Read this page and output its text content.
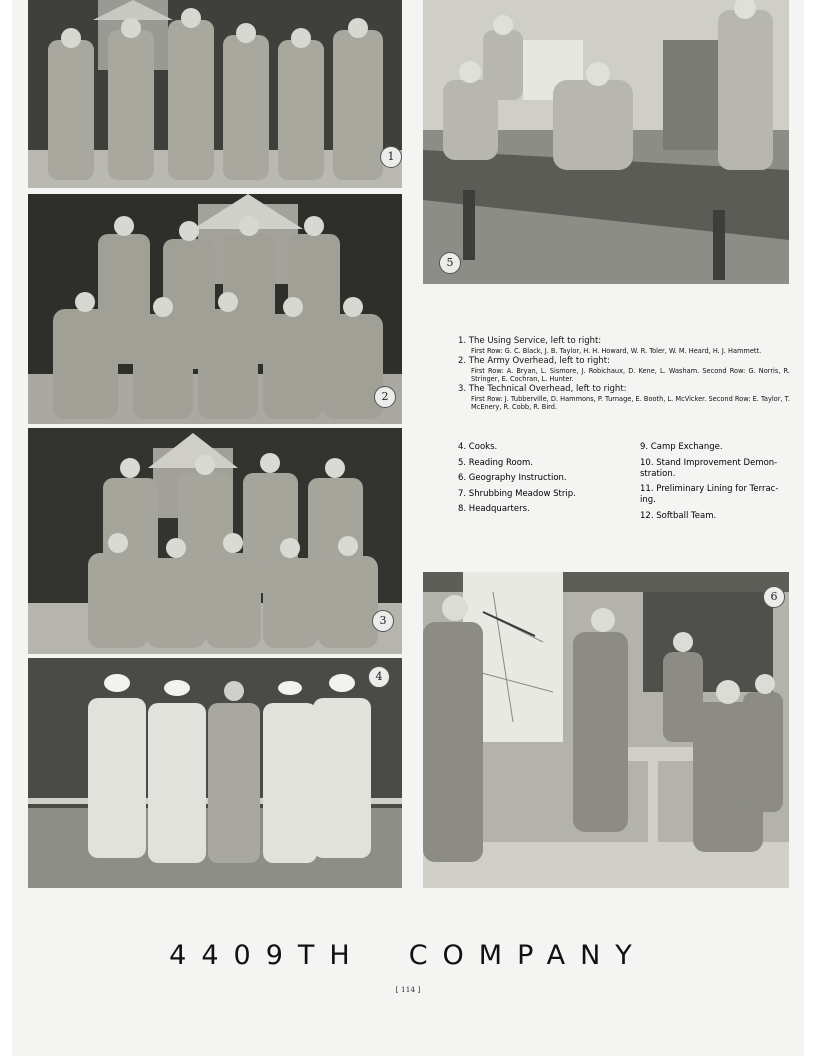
1
2
3
4
5
6
1. The Using Service, left to right:
First Row: G. C. Black, J. B. Taylor, H. H. Howard, W. R. Toler, W. M. Heard, H. J. Hammett.
2. The Army Overhead, left to right:
First Row: A. Bryan, L. Sismore, J. Robichaux, D. Kene, L. Washam. Second Row: G. Norris, R. Stringer, E. Cochran, L. Hunter.
3. The Technical Overhead, left to right:
First Row: J. Tubberville, D. Hammons, P. Turnage, E. Booth, L. McVicker. Second Row: E. Taylor, T. McEnery, R. Cobb, R. Bird.
4. Cooks.
5. Reading Room.
6. Geography Instruction.
7. Shrubbing Meadow Strip.
8. Headquarters.
9. Camp Exchange.
10. Stand Improvement Demon- stration.
11. Preliminary Lining for Terrac- ing.
12. Softball Team.
4409TH COMPANY
[ 114 ]
